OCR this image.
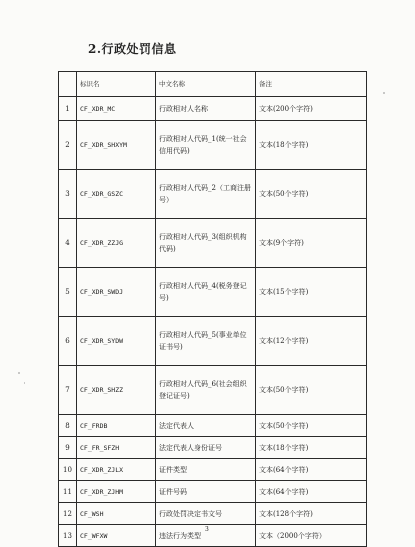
2.行政处罚信息
	标识名	中文名称	备注
1	CF_XDR_MC	行政相对人名称	文本(200个字符)
2	CF_XDR_SHXYM	行政相对人代码_1(统一社会信用代码)	文本(18个字符)
3	CF_XDR_GSZC	行政相对人代码_2（工商注册号）	文本(50个字符)
4	CF_XDR_ZZJG	行政相对人代码_3(组织机构代码)	文本(9个字符)
5	CF_XDR_SWDJ	行政相对人代码_4(税务登记号)	文本(15个字符)
6	CF_XDR_SYDW	行政相对人代码_5(事业单位证书号)	文本(12个字符)
7	CF_XDR_SHZZ	行政相对人代码_6(社会组织登记证号)	文本(50个字符)
8	CF_FRDB	法定代表人	文本(50个字符)
9	CF_FR_SFZH	法定代表人身份证号	文本(18个字符)
10	CF_XDR_ZJLX	证件类型	文本(64个字符)
11	CF_XDR_ZJHM	证件号码	文本(64个字符)
12	CF_WSH	行政处罚决定书文号	文本(128个字符)
13	CF_WFXW	违法行为类型	文本（2000个字符）
3
